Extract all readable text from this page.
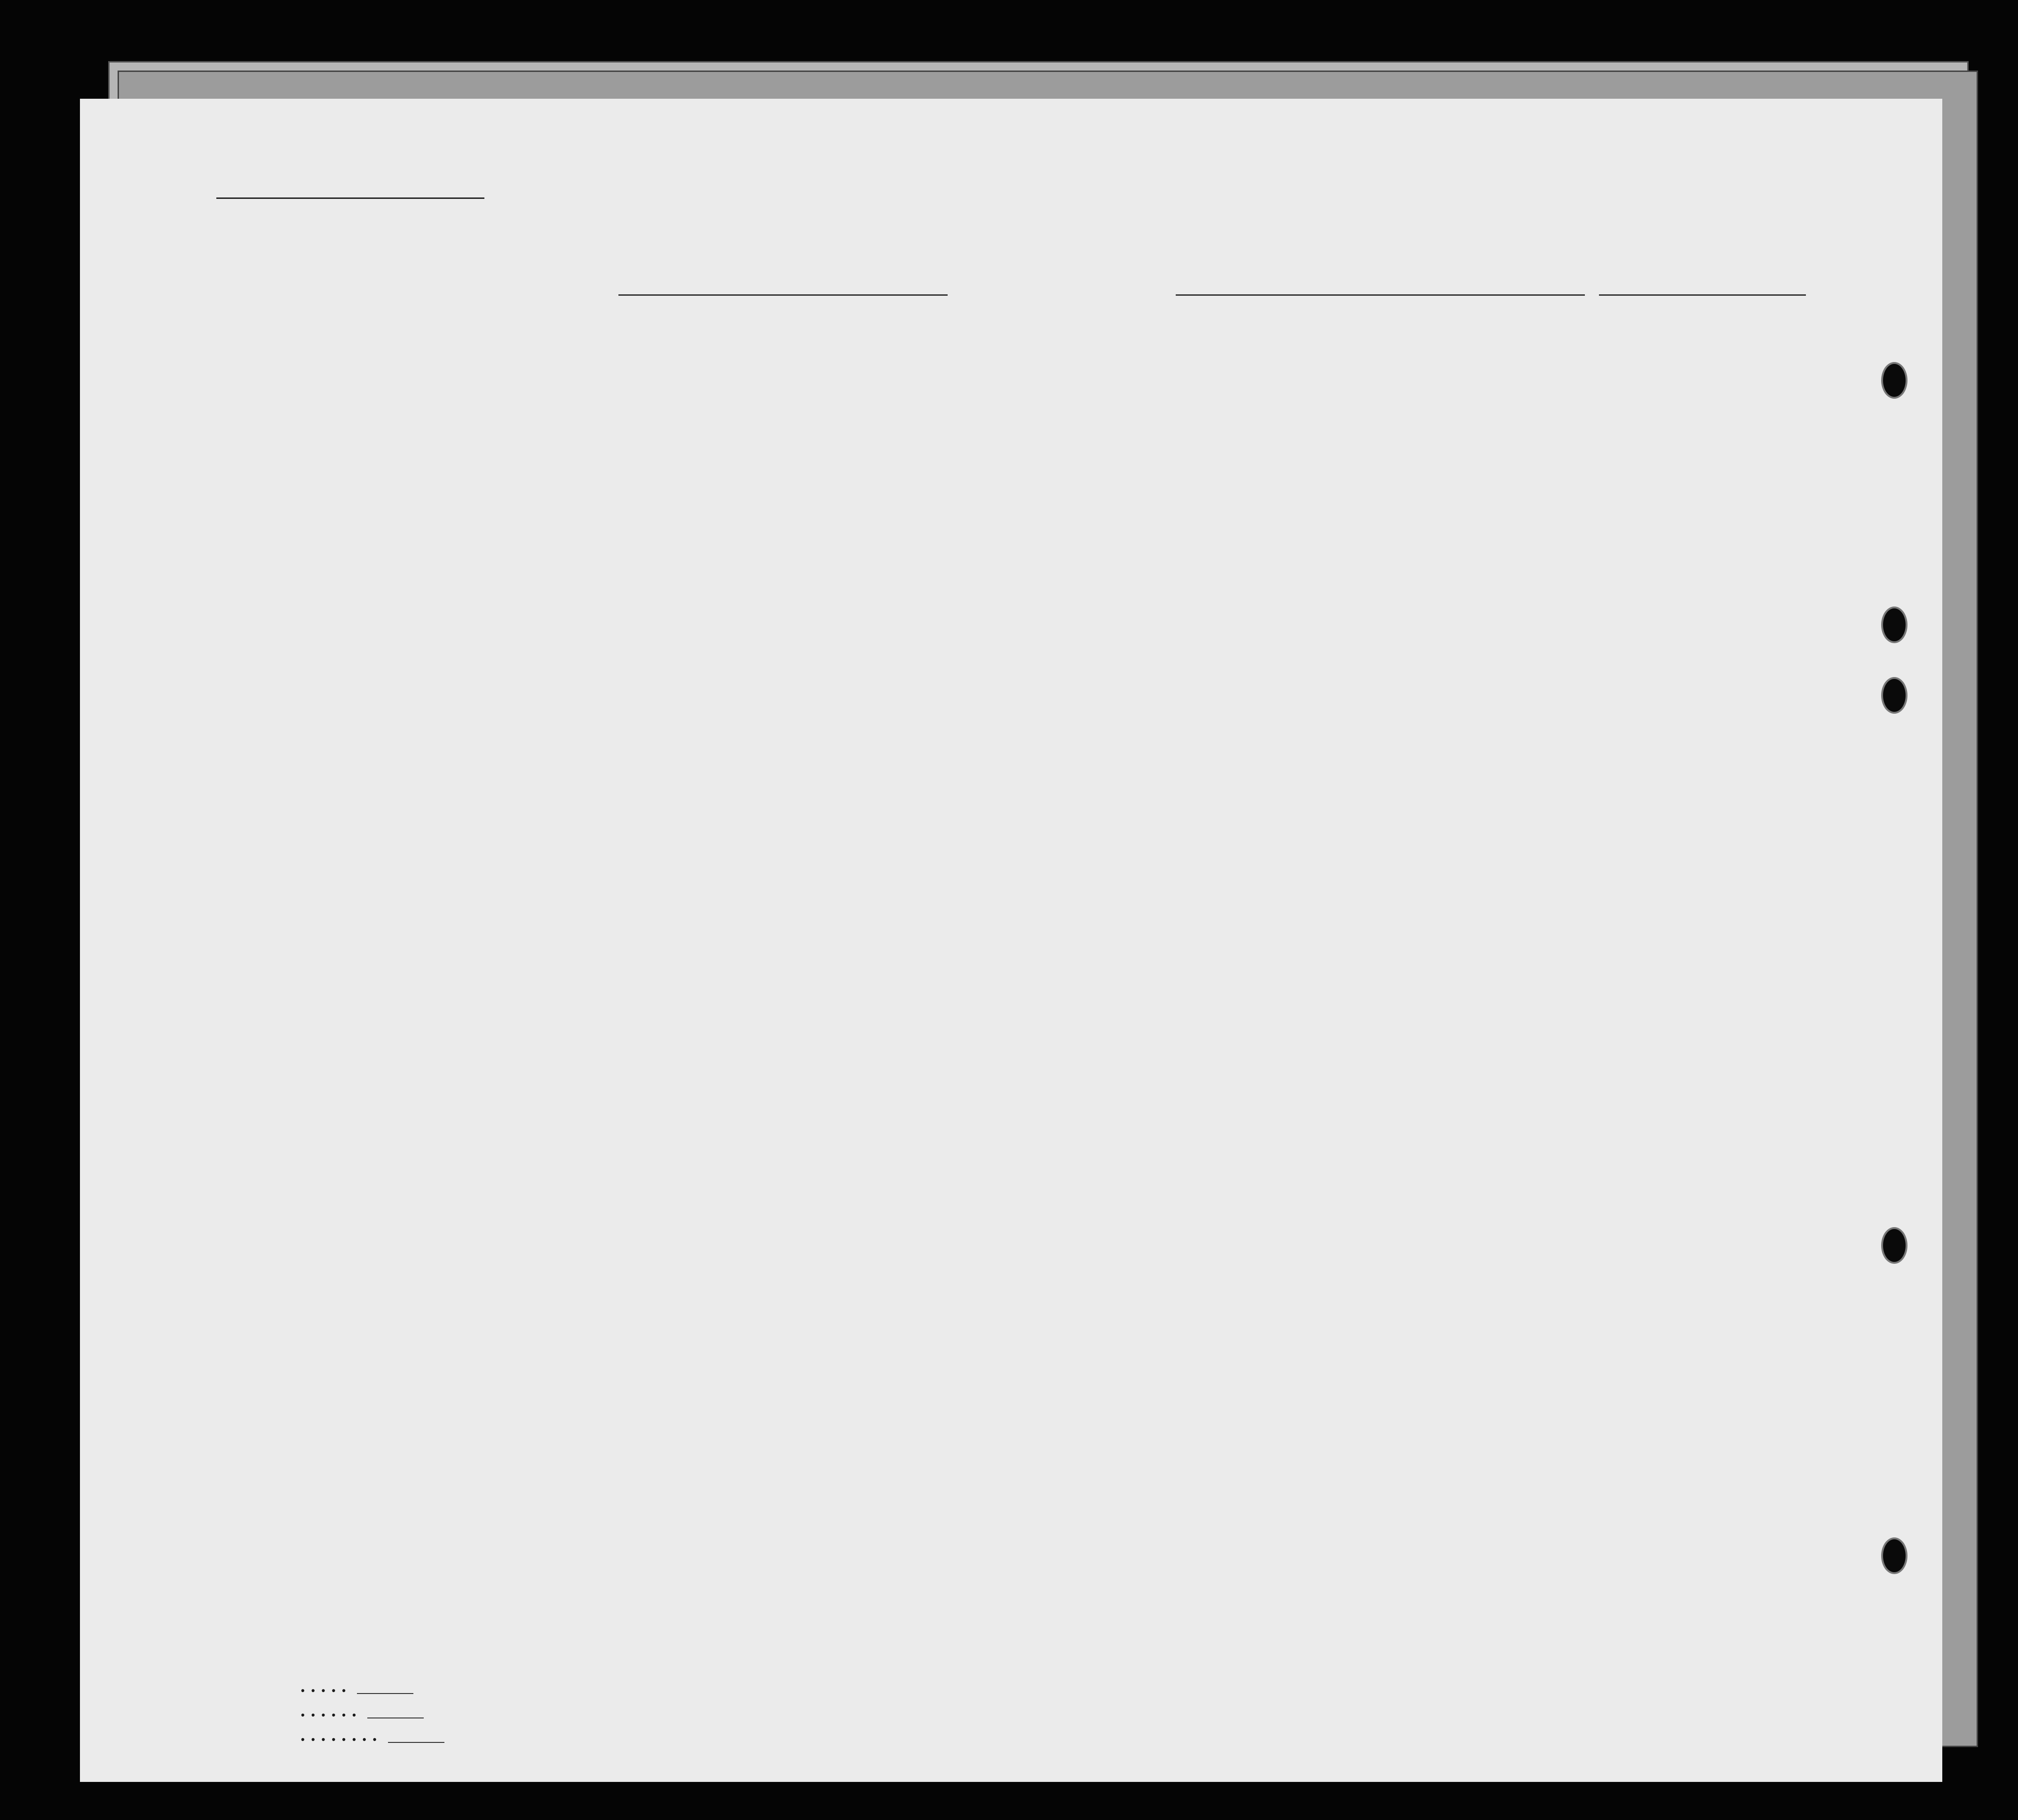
• • • • •
• • • • • •
• • • • • • • •
